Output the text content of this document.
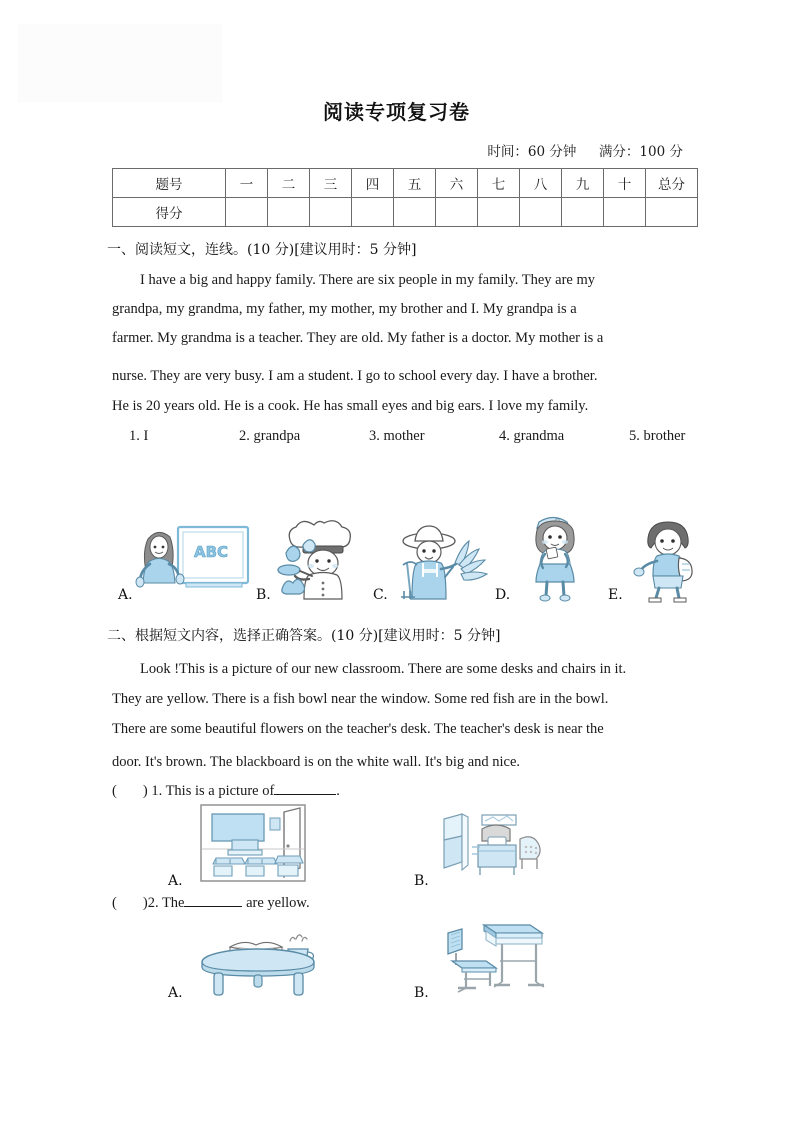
阅读专项复习卷
时间：60 分钟 满分：100 分
题号	一	二	三	四	五	六	七	八	九	十	总分
得分											
一、阅读短文，连线。(10 分)[建议用时：5 分钟]
I have a big and happy family. There are six people in my family. They are my
grandpa, my grandma, my father, my mother, my brother and I. My grandpa is a
farmer. My grandma is a teacher. They are old. My father is a doctor. My mother is a
nurse. They are very busy. I am a student. I go to school every day. I have a brother.
He is 20 years old. He is a cook. He has small eyes and big ears. I love my family.
1. I	2. grandpa	3. mother	4. grandma	5. brother
A.
ABC
B.	C.	D.	E.
二、根据短文内容，选择正确答案。(10 分)[建议用时：5 分钟]
Look !This is a picture of our new classroom. There are some desks and chairs in it.
They are yellow. There is a fish bowl near the window. Some red fish are in the bowl.
There are some beautiful flowers on the teacher's desk. The teacher's desk is near the
door. It's brown. The blackboard is on the white wall. It's big and nice.
( ) 1. This is a picture of	.
A.	B.
( )2. The	are yellow.
A.	B.
